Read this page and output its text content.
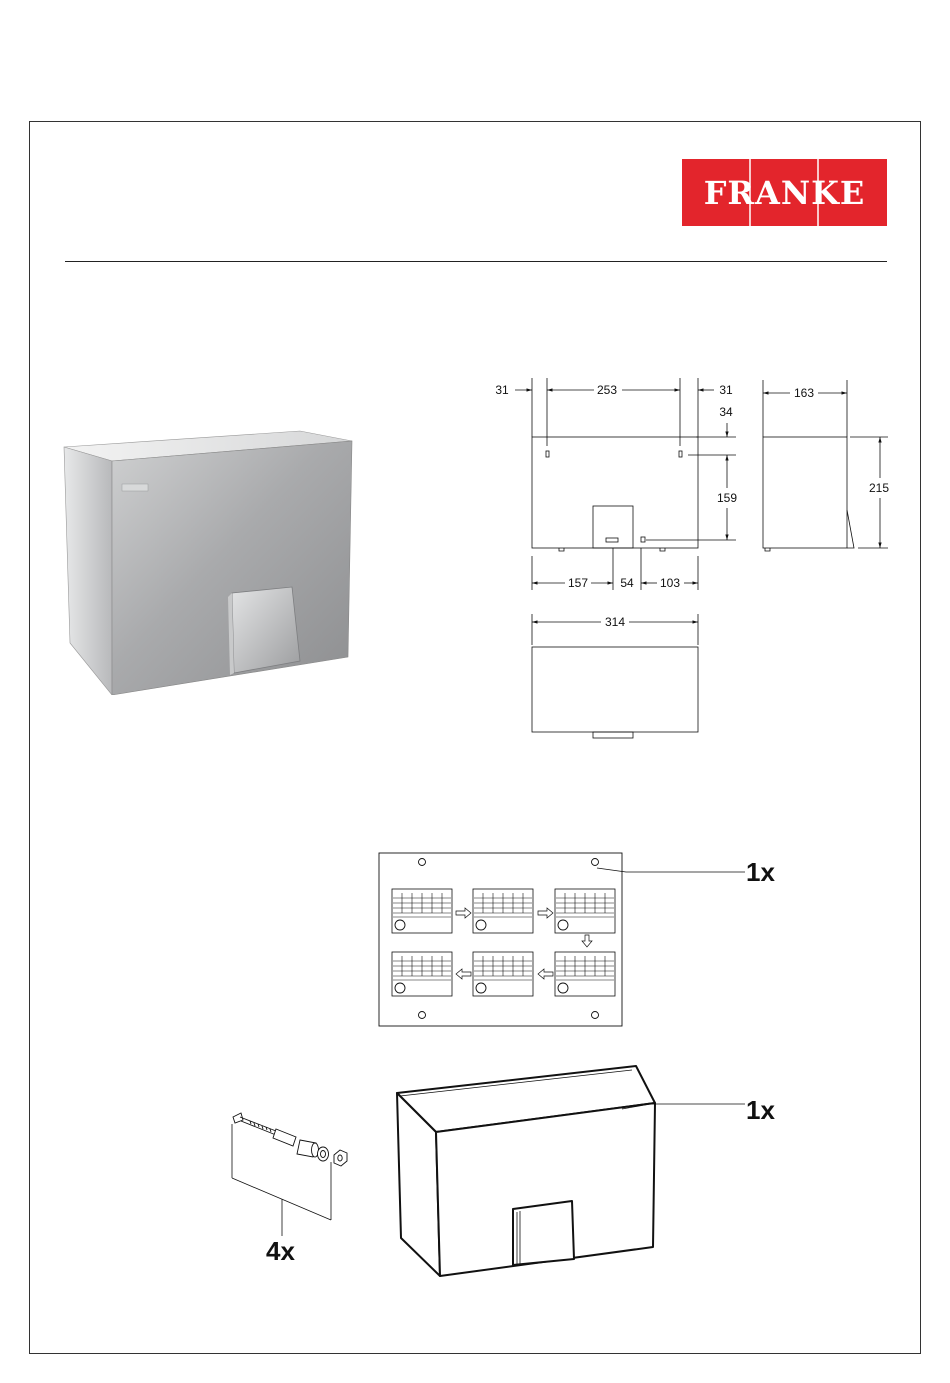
FRANKE
31	253	31	163
34
159
215
157	54 103
314
1x
1x
4x
